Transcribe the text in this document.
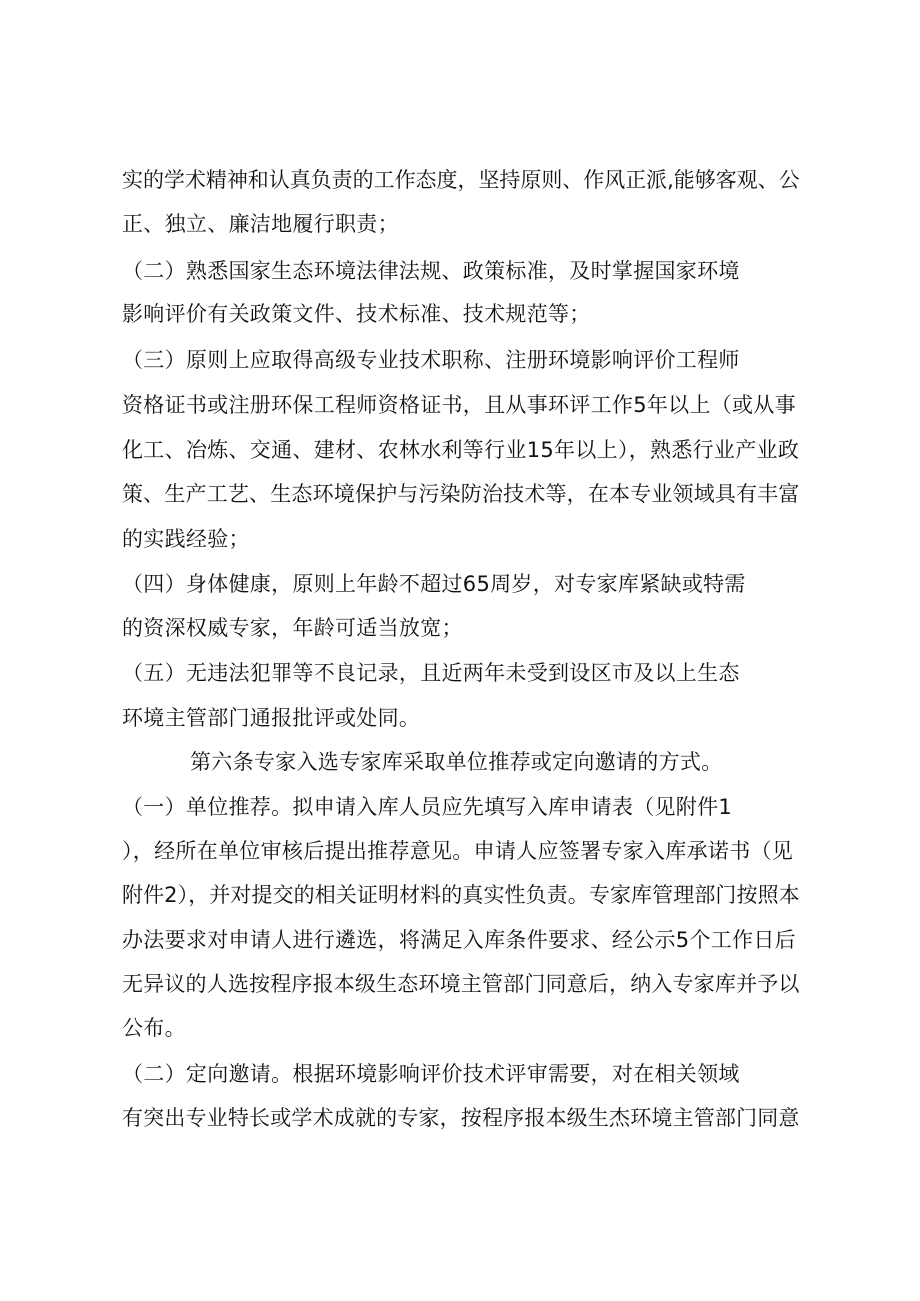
实的学术精神和认真负责的工作态度，坚持原则、作风正派,能够客观、公
正、独立、廉洁地履行职责；
（二）熟悉国家生态环境法律法规、政策标准，及时掌握国家环境
影响评价有关政策文件、技术标准、技术规范等；
（三）原则上应取得高级专业技术职称、注册环境影响评价工程师
资格证书或注册环保工程师资格证书，且从事环评工作5年以上（或从事
化工、冶炼、交通、建材、农林水利等行业15年以上），熟悉行业产业政
策、生产工艺、生态环境保护与污染防治技术等，在本专业领域具有丰富
的实践经验；
（四）身体健康，原则上年龄不超过65周岁，对专家库紧缺或特需
的资深权威专家，年龄可适当放宽；
（五）无违法犯罪等不良记录，且近两年未受到设区市及以上生态
环境主管部门通报批评或处同。
第六条专家入选专家库采取单位推荐或定向邀请的方式。
（一）单位推荐。拟申请入库人员应先填写入库申请表（见附件1
），经所在单位审核后提出推荐意见。申请人应签署专家入库承诺书（见
附件2），并对提交的相关证明材料的真实性负责。专家库管理部门按照本
办法要求对申请人进行遴选，将满足入库条件要求、经公示5个工作日后
无异议的人选按程序报本级生态环境主管部门同意后，纳入专家库并予以
公布。
（二）定向邀请。根据环境影响评价技术评审需要，对在相关领域
有突出专业特长或学术成就的专家，按程序报本级生杰环境主管部门同意
